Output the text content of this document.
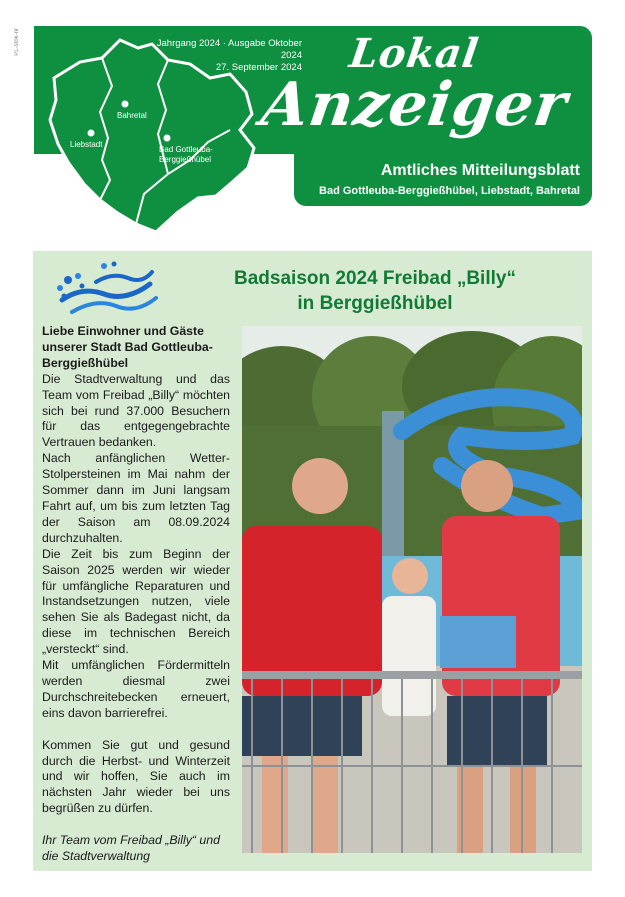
PL-stök-nr
Bahretal
Liebstadt
Bad Gottleuba-
Berggießhübel
Jahrgang 2024 · Ausgabe Oktober 2024
27. September 2024 Lokal
Anzeiger
Amtliches Mitteilungsblatt
Bad Gottleuba-Berggießhübel, Liebstadt, Bahretal
Badsaison 2024 Freibad „Billy“
in Berggießhübel

Liebe Einwohner und Gäste unserer Stadt Bad Gottleuba-Berggießhübel

Die Stadtverwaltung und das Team vom Freibad „Billy“ möchten sich bei rund 37.000 Besuchern für das entgegengebrachte Vertrauen bedanken.

Nach anfänglichen Wetter-Stolpersteinen im Mai nahm der Sommer dann im Juni langsam Fahrt auf, um bis zum letzten Tag der Saison am 08.09.2024 durchzuhalten.

Die Zeit bis zum Beginn der Saison 2025 werden wir wieder für umfängliche Reparaturen und Instandsetzungen nutzen, viele sehen Sie als Badegast nicht, da diese im technischen Bereich „versteckt“ sind.

Mit umfänglichen Fördermitteln werden diesmal zwei Durchschreitebecken erneuert, eins davon barrierefrei.

Kommen Sie gut und gesund durch die Herbst- und Winterzeit und wir hoffen, Sie auch im nächsten Jahr wieder bei uns begrüßen zu dürfen.

Ihr Team vom Freibad „Billy“ und die Stadtverwaltung
